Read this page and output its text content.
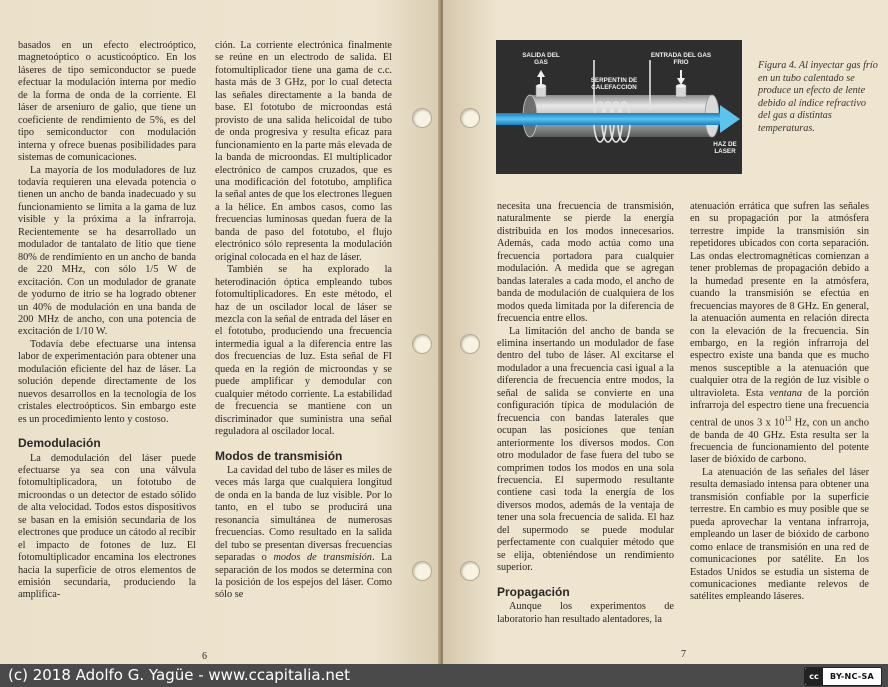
basados en un efecto electroóptico, magnetoóptico o acusticoóptico. En los láseres de tipo semiconductor se puede efectuar la modulación interna por medio de la forma de onda de la corriente. El láser de arseniuro de galio, que tiene un coeficiente de rendimiento de 5%, es del tipo semiconductor con modulación interna y ofrece buenas posibilidades para sistemas de comunicaciones.

La mayoría de los moduladores de luz todavía requieren una elevada potencia o tienen un ancho de banda inadecuado y su funcionamiento se limita a la gama de luz visible y la próxima a la infrarroja. Recientemente se ha desarrollado un modulador de tantalato de litio que tiene 80% de rendimiento en un ancho de banda de 220 MHz, con sólo 1/5 W de excitación. Con un modulador de granate de yodurno de itrio se ha logrado obtener un 40% de modulación en una banda de 200 MHz de ancho, con una potencia de excitación de 1/10 W.

Todavía debe efectuarse una intensa labor de experimentación para obtener una modulación eficiente del haz de láser. La solución depende directamente de los nuevos desarrollos en la tecnología de los cristales electroópticos. Sin embargo este es un procedimiento lento y costoso.

Demodulación

La demodulación del láser puede efectuarse ya sea con una válvula fotomultiplicadora, un fototubo de microondas o un detector de estado sólido de alta velocidad. Todos estos dispositivos se basan en la emisión secundaria de los electrones que produce un cátodo al recibir el impacto de fotones de luz. El fotomultiplicador encamina los electrones hacia la superficie de otros elementos de emisión secundaria, produciendo la amplifica-

ción. La corriente electrónica finalmente se reúne en un electrodo de salida. El fotomultiplicador tiene una gama de c.c. hasta más de 3 GHz, por lo cual detecta las señales directamente a la banda de base. El fototubo de microondas está provisto de una salida helicoidal de tubo de onda progresiva y resulta eficaz para funcionamiento en la parte más elevada de la banda de microondas. El multiplicador electrónico de campos cruzados, que es una modificación del fototubo, amplifica la señal antes de que los electrones lleguen a la hélice. En ambos casos, como las frecuencias luminosas quedan fuera de la banda de paso del fototubo, el flujo electrónico sólo representa la modulación original colocada en el haz de láser.

También se ha explorado la heterodinación óptica empleando tubos fotomultiplicadores. En este método, el haz de un oscilador local de láser se mezcla con la señal de entrada del láser en el fototubo, produciendo una frecuencia intermedia igual a la diferencia entre las dos frecuencias de luz. Esta señal de FI queda en la región de microondas y se puede amplificar y demodular con cualquier método corriente. La estabilidad de frecuencia se mantiene con un discriminador que suministra una señal reguladora al oscilador local.

Modos de transmisión

La cavidad del tubo de láser es miles de veces más larga que cualquiera longitud de onda en la banda de luz visible. Por lo tanto, en el tubo se producirá una resonancia simultánea de numerosas frecuencias. Como resultado en la salida del tubo se presentan diversas frecuencias separadas o modos de transmisión. La separación de los modos se determina con la posición de los espejos del láser. Como sólo se

6

necesita una frecuencia de transmisión, naturalmente se pierde la energía distribuida en los modos innecesarios. Además, cada modo actúa como una frecuencia portadora para cualquier modulación. A medida que se agregan bandas laterales a cada modo, el ancho de banda de modulación de cualquiera de los modos queda limitada por la diferencia de frecuencia entre ellos.

La limitación del ancho de banda se elimina insertando un modulador de fase dentro del tubo de láser. Al excitarse el modulador a una frecuencia casi igual a la diferencia de frecuencia entre modos, la señal de salida se convierte en una configuración típica de modulación de frecuencia con bandas laterales que ocupan las posiciones que tenían anteriormente los diversos modos. Con otro modulador de fase fuera del tubo se comprimen todos los modos en una sola frecuencia. El supermodo resultante contiene casi toda la energía de los diversos modos, además de la ventaja de tener una sola frecuencia de salida. El haz del supermodo se puede modular perfectamente con cualquier método que se elija, obteniéndose un rendimiento superior.

Propagación

Aunque los experimentos de laboratorio han resultado alentadores, la

atenuación errática que sufren las señales en su propagación por la atmósfera terrestre impide la transmisión sin repetidores ubicados con corta separación. Las ondas electromagnéticas comienzan a tener problemas de propagación debido a la humedad presente en la atmósfera, cuando la transmisión se efectúa en frecuencias mayores de 8 GHz. En general, la atenuación aumenta en relación directa con la elevación de la frecuencia. Sin embargo, en la región infrarroja del espectro existe una banda que es mucho menos susceptible a la atenuación que cualquier otra de la región de luz visible o ultravioleta. Esta ventana de la porción infrarroja del espectro tiene una frecuencia central de unos 3 x $10^{13}$ Hz, con un ancho de banda de 40 GHz. Esta resulta ser la frecuencia de funcionamiento del potente laser de bióxido de carbono.

La atenuación de las señales del láser resulta demasiado intensa para obtener una transmisión confiable por la superficie terrestre. En cambio es muy posible que se pueda aprovechar la ventana infrarroja, empleando un laser de bióxido de carbono como enlace de transmisión en una red de comunicaciones por satélite. En los Estados Unidos se estudia un sistema de comunicaciones mediante relevos de satélites empleando láseres.

7
SALIDA DEL GAS
ENTRADA DEL GAS FRIO
SERPENTIN DE CALEFACCION
HAZ DE LASER
Figura 4. Al inyectar gas frío en un tubo calentado se produce un efecto de lente debido al índice refractivo del gas a distintas temperaturas.
(c) 2018 Adolfo G. Yagüe - www.ccapitalia.net	cc	BY-NC-SA
